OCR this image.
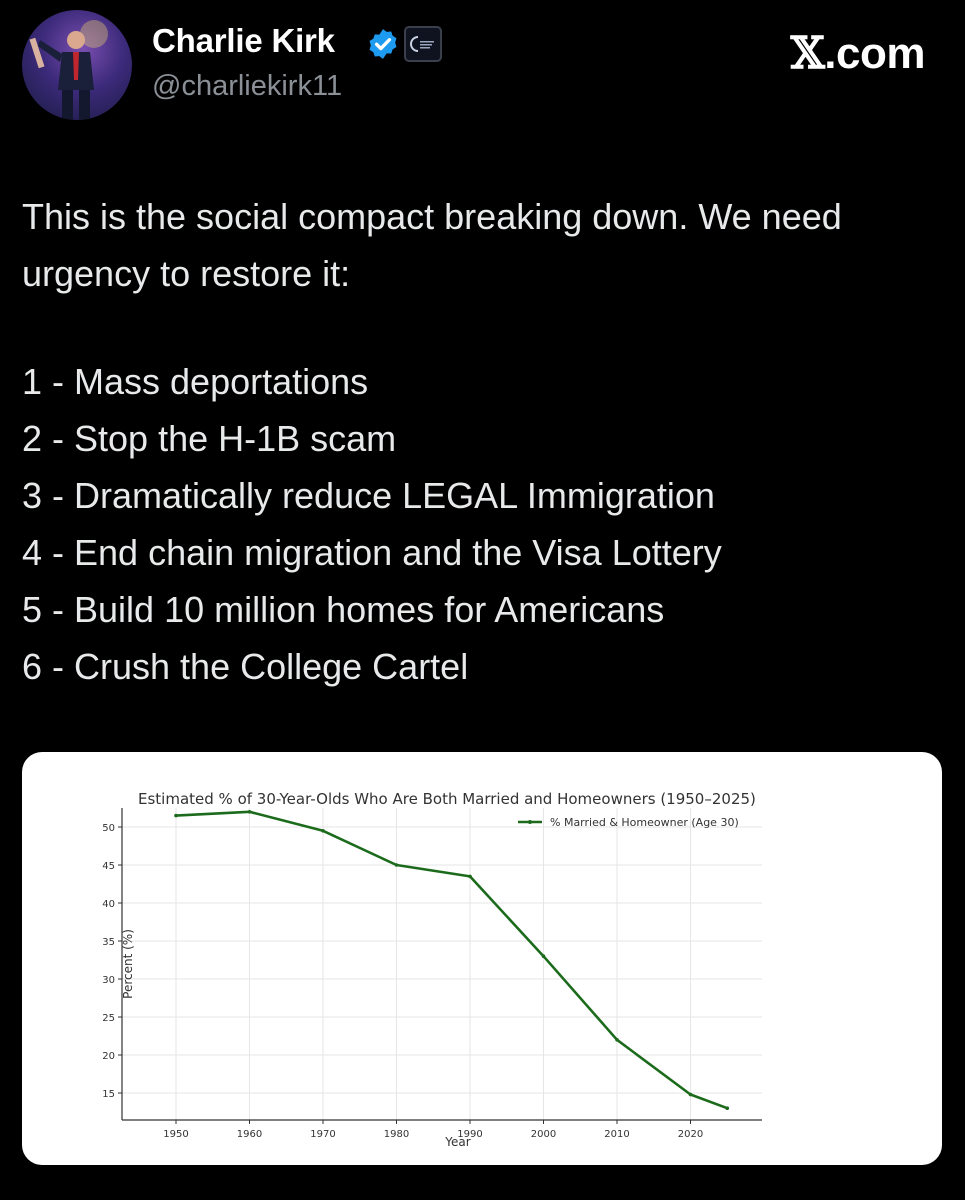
Charlie Kirk
@charliekirk11
𝕏.com
This is the social compact breaking down. We need urgency to restore it:
1 - Mass deportations
2 - Stop the H-1B scam
3 - Dramatically reduce LEGAL Immigration
4 - End chain migration and the Visa Lottery
5 - Build 10 million homes for Americans
6 - Crush the College Cartel
Estimated % of 30-Year-Olds Who Are Both Married and Homeowners (1950–2025)
1950	1960	1970	1980	1990	2000	2010	2020
15
20
25
30
35
40
45
50
Year
Percent (%)
% Married & Homeowner (Age 30)
